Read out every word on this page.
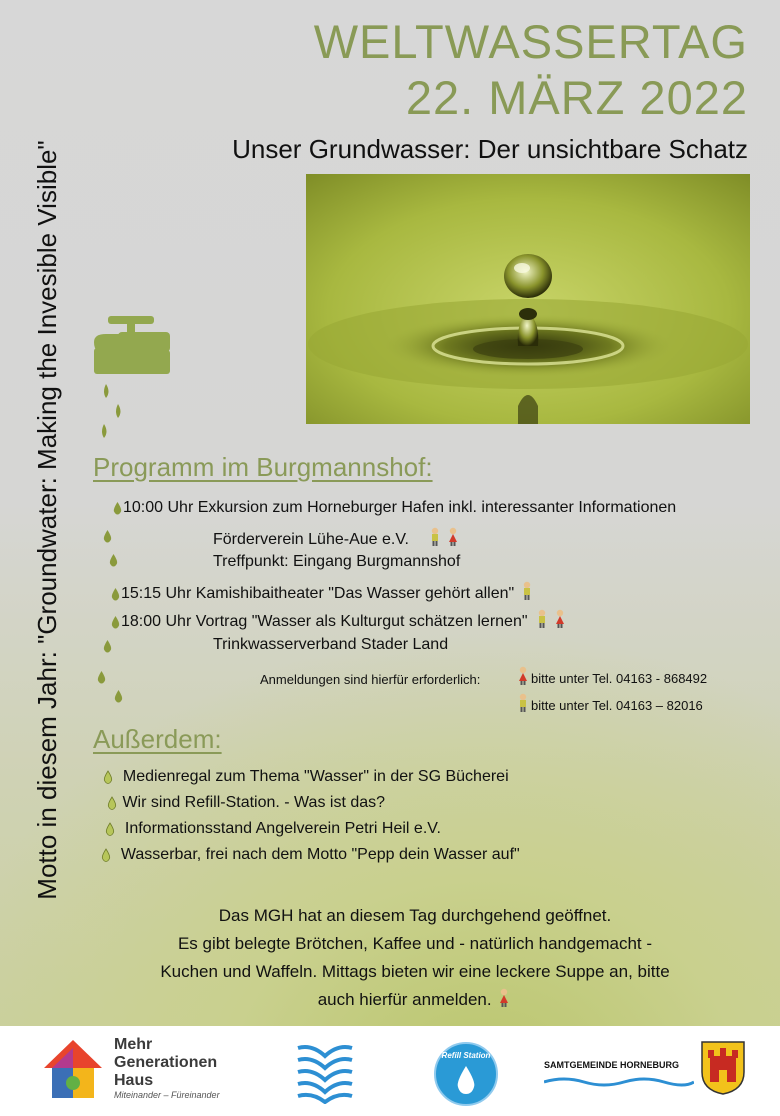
Motto in diesem Jahr: "Groundwater: Making the Invesible Visible"
WELTWASSERTAG
22. MÄRZ 2022
Unser Grundwasser: Der unsichtbare Schatz
Programm im Burgmannshof:
10:00 Uhr Exkursion zum Horneburger Hafen inkl. interessanter Informationen
Förderverein Lühe-Aue e.V.
Treffpunkt: Eingang Burgmannshof
15:15 Uhr Kamishibaitheater "Das Wasser gehört allen"
18:00 Uhr Vortrag "Wasser als Kulturgut schätzen lernen"
Trinkwasserverband Stader Land
Anmeldungen sind hierfür erforderlich:	bitte unter Tel. 04163 - 868492
bitte unter Tel. 04163 – 82016
Außerdem:
Medienregal zum Thema "Wasser" in der SG Bücherei
Wir sind Refill-Station. - Was ist das?
Informationsstand Angelverein Petri Heil e.V.
Wasserbar, frei nach dem Motto "Pepp dein Wasser auf"
Das MGH hat an diesem Tag durchgehend geöffnet.
Es gibt belegte Brötchen, Kaffee und - natürlich handgemacht -
Kuchen und Waffeln. Mittags bieten wir eine leckere Suppe an, bitte
auch hierfür anmelden.
Mehr
Generationen
Haus
Miteinander – Füreinander
Refill Station
SAMTGEMEINDE HORNEBURG
